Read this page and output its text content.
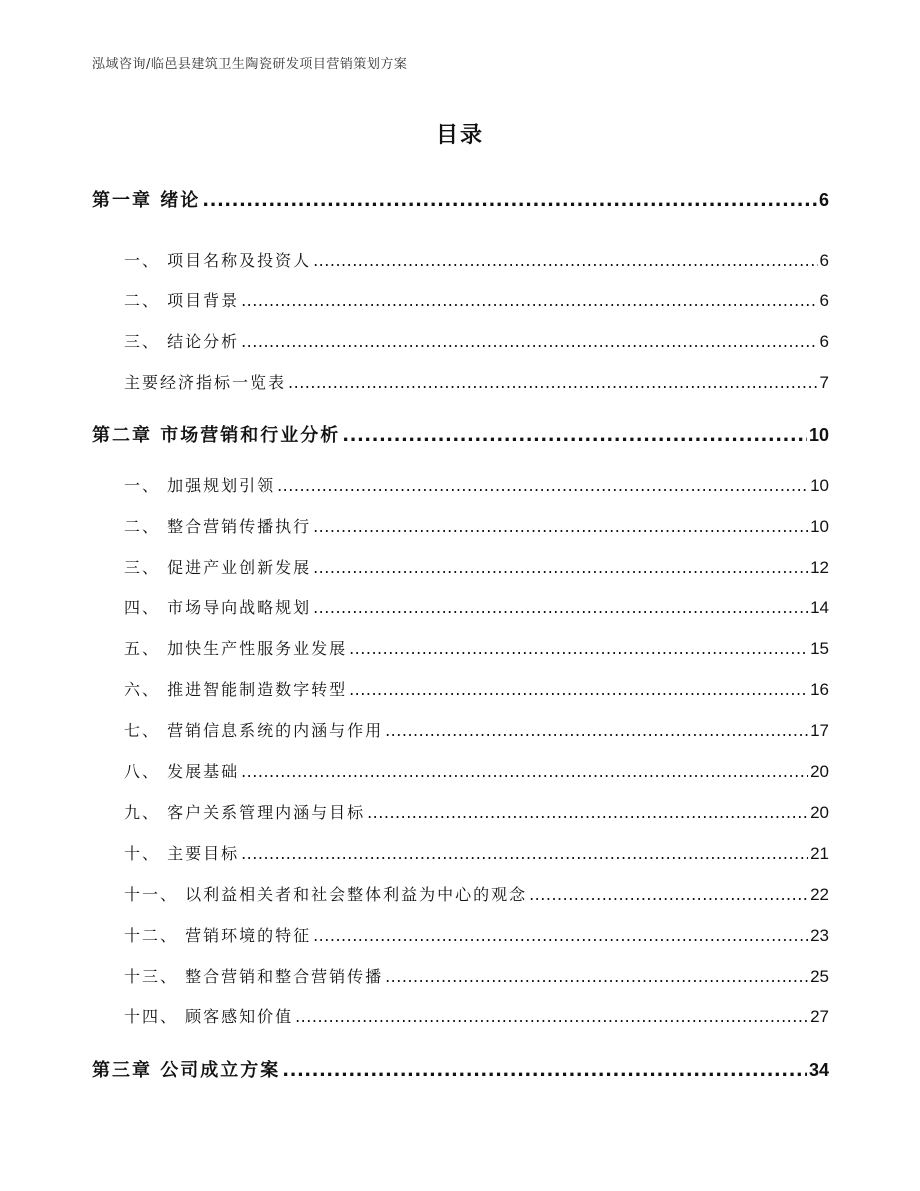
泓域咨询/临邑县建筑卫生陶瓷研发项目营销策划方案
目录
第一章 绪论 .....	6
一、 项目名称及投资人 .....	6
二、 项目背景 .....	6
三、 结论分析 .....	6
主要经济指标一览表 .....	7
第二章 市场营销和行业分析 .....	10
一、 加强规划引领 .....	10
二、 整合营销传播执行 .....	10
三、 促进产业创新发展 .....	12
四、 市场导向战略规划 .....	14
五、 加快生产性服务业发展 .....	15
六、 推进智能制造数字转型 .....	16
七、 营销信息系统的内涵与作用 .....	17
八、 发展基础 .....	20
九、 客户关系管理内涵与目标 .....	20
十、 主要目标 .....	21
十一、 以利益相关者和社会整体利益为中心的观念 .....	22
十二、 营销环境的特征 .....	23
十三、 整合营销和整合营销传播 .....	25
十四、 顾客感知价值 .....	27
第三章 公司成立方案 .....	34
